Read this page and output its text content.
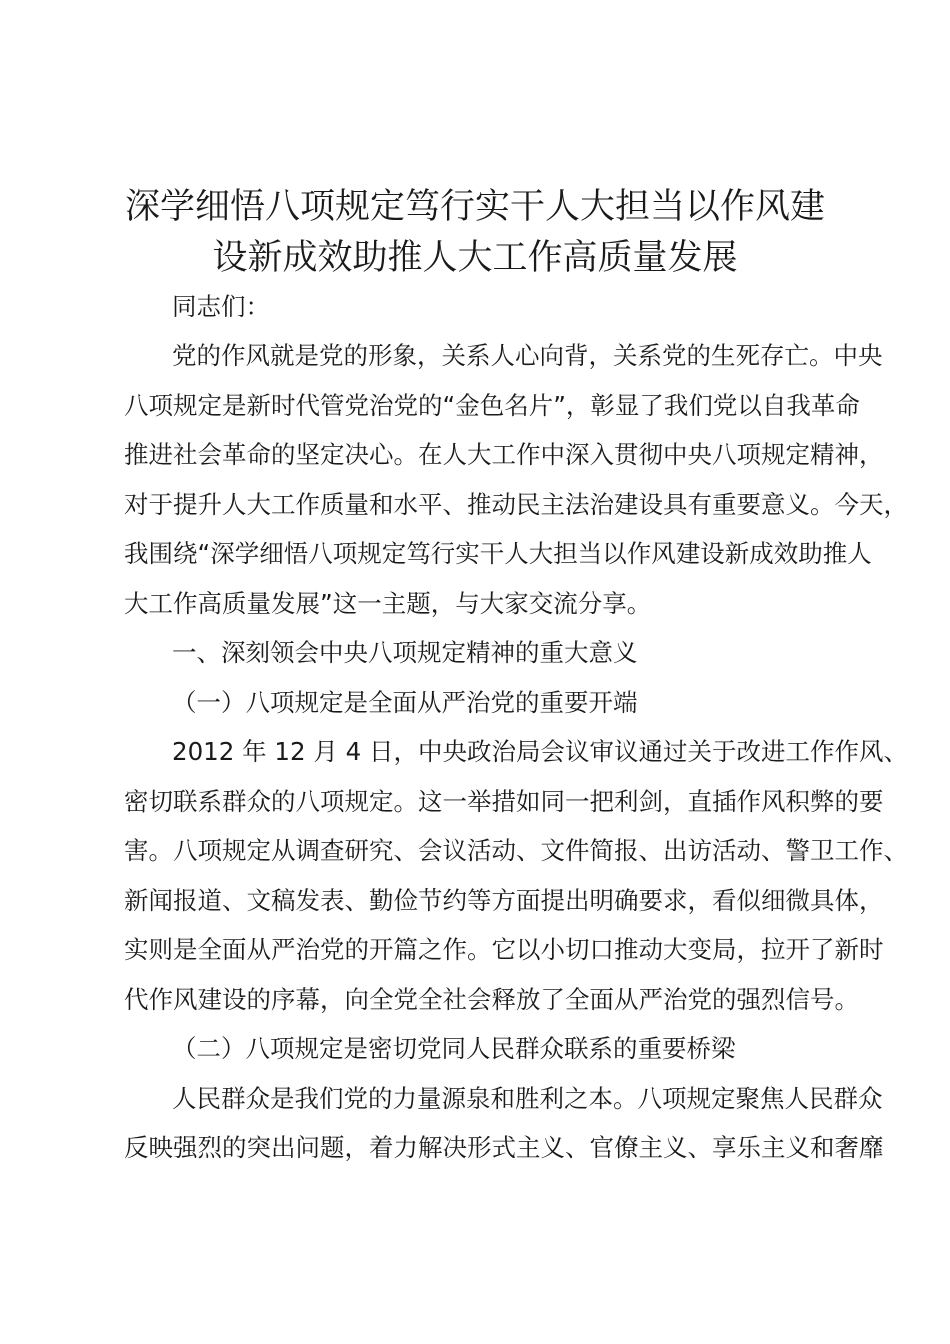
深学细悟八项规定笃行实干人大担当以作风建
设新成效助推人大工作高质量发展
同志们：
党的作风就是党的形象，关系人心向背，关系党的生死存亡。中央
八项规定是新时代管党治党的“金色名片”，彰显了我们党以自我革命
推进社会革命的坚定决心。在人大工作中深入贯彻中央八项规定精神，
对于提升人大工作质量和水平、推动民主法治建设具有重要意义。今天，
我围绕“深学细悟八项规定笃行实干人大担当以作风建设新成效助推人
大工作高质量发展”这一主题，与大家交流分享。
一、深刻领会中央八项规定精神的重大意义
（一）八项规定是全面从严治党的重要开端
2012 年 12 月 4 日，中央政治局会议审议通过关于改进工作作风、
密切联系群众的八项规定。这一举措如同一把利剑，直插作风积弊的要
害。八项规定从调查研究、会议活动、文件简报、出访活动、警卫工作、
新闻报道、文稿发表、勤俭节约等方面提出明确要求，看似细微具体，
实则是全面从严治党的开篇之作。它以小切口推动大变局，拉开了新时
代作风建设的序幕，向全党全社会释放了全面从严治党的强烈信号。
（二）八项规定是密切党同人民群众联系的重要桥梁
人民群众是我们党的力量源泉和胜利之本。八项规定聚焦人民群众
反映强烈的突出问题，着力解决形式主义、官僚主义、享乐主义和奢靡
